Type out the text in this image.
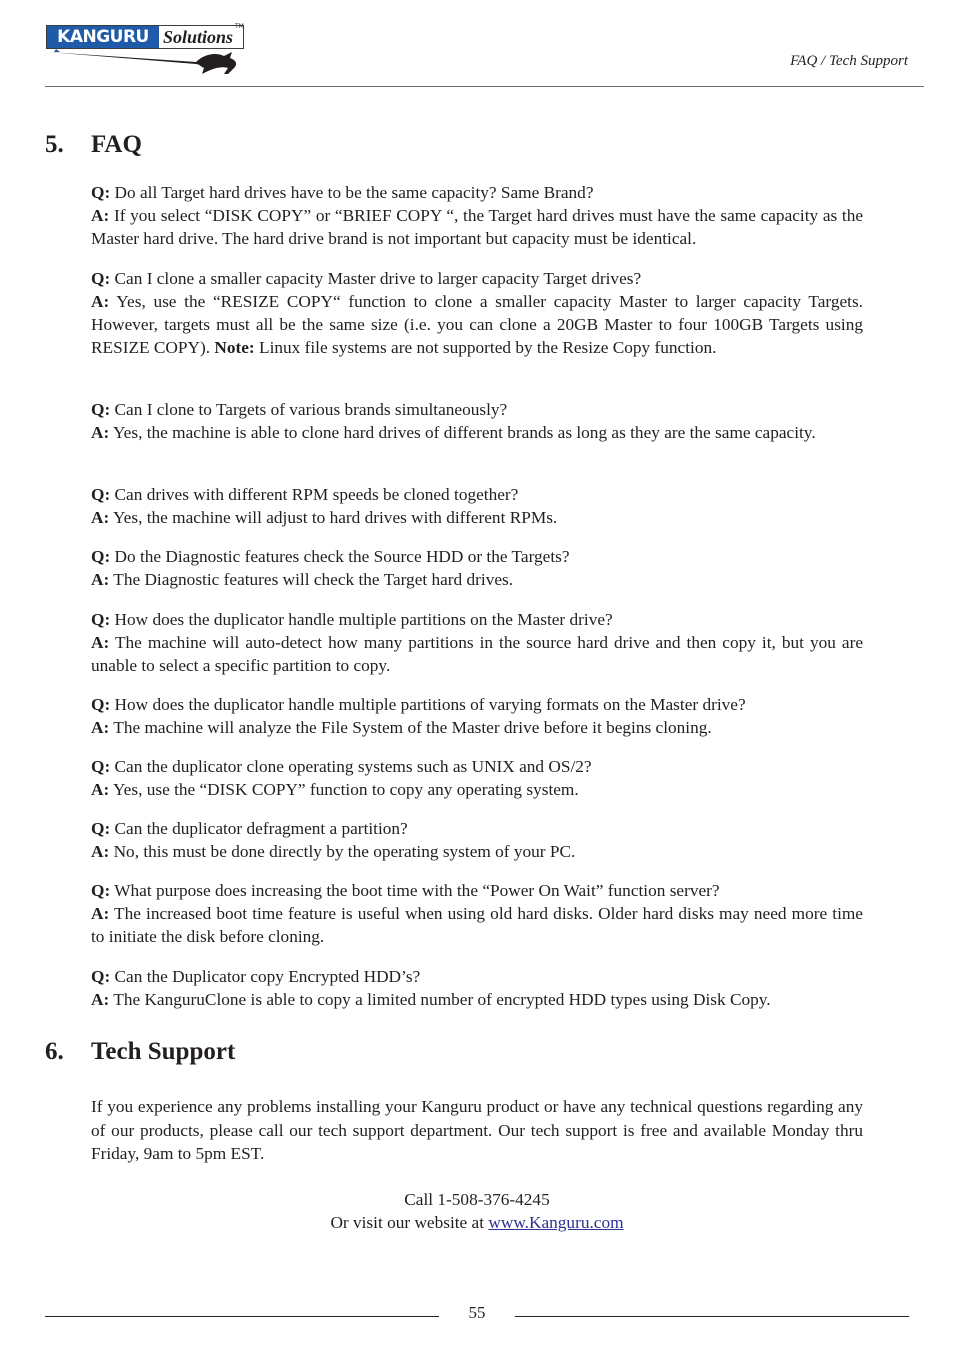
KANGURU Solutions
TM
FAQ / Tech Support
5. FAQ

Q: Do all Target hard drives have to be the same capacity? Same Brand?

A: If you select “DISK COPY” or “BRIEF COPY “, the Target hard drives must have the same capacity as the Master hard drive. The hard drive brand is not important but capacity must be identical.

Q: Can I clone a smaller capacity Master drive to larger capacity Target drives?

A: Yes, use the “RESIZE COPY“ function to clone a smaller capacity Master to larger capacity Targets. However, targets must all be the same size (i.e. you can clone a 20GB Master to four 100GB Targets using RESIZE COPY). Note: Linux file systems are not supported by the Resize Copy function.

Q: Can I clone to Targets of various brands simultaneously?

A: Yes, the machine is able to clone hard drives of different brands as long as they are the same capacity.

Q: Can drives with different RPM speeds be cloned together?

A: Yes, the machine will adjust to hard drives with different RPMs.

Q: Do the Diagnostic features check the Source HDD or the Targets?

A: The Diagnostic features will check the Target hard drives.

Q: How does the duplicator handle multiple partitions on the Master drive?

A: The machine will auto-detect how many partitions in the source hard drive and then copy it, but you are unable to select a specific partition to copy.

Q: How does the duplicator handle multiple partitions of varying formats on the Master drive?

A: The machine will analyze the File System of the Master drive before it begins cloning.

Q: Can the duplicator clone operating systems such as UNIX and OS/2?

A: Yes, use the “DISK COPY” function to copy any operating system.

Q: Can the duplicator defragment a partition?

A: No, this must be done directly by the operating system of your PC.

Q: What purpose does increasing the boot time with the “Power On Wait” function server?

A: The increased boot time feature is useful when using old hard disks. Older hard disks may need more time to initiate the disk before cloning.

Q: Can the Duplicator copy Encrypted HDD’s?

A: The KanguruClone is able to copy a limited number of encrypted HDD types using Disk Copy.

6. Tech Support

If you experience any problems installing your Kanguru product or have any technical questions regarding any of our products, please call our tech support department. Our tech support is free and available Monday thru Friday, 9am to 5pm EST.

Call 1-508-376-4245
Or visit our website at www.Kanguru.com
55
